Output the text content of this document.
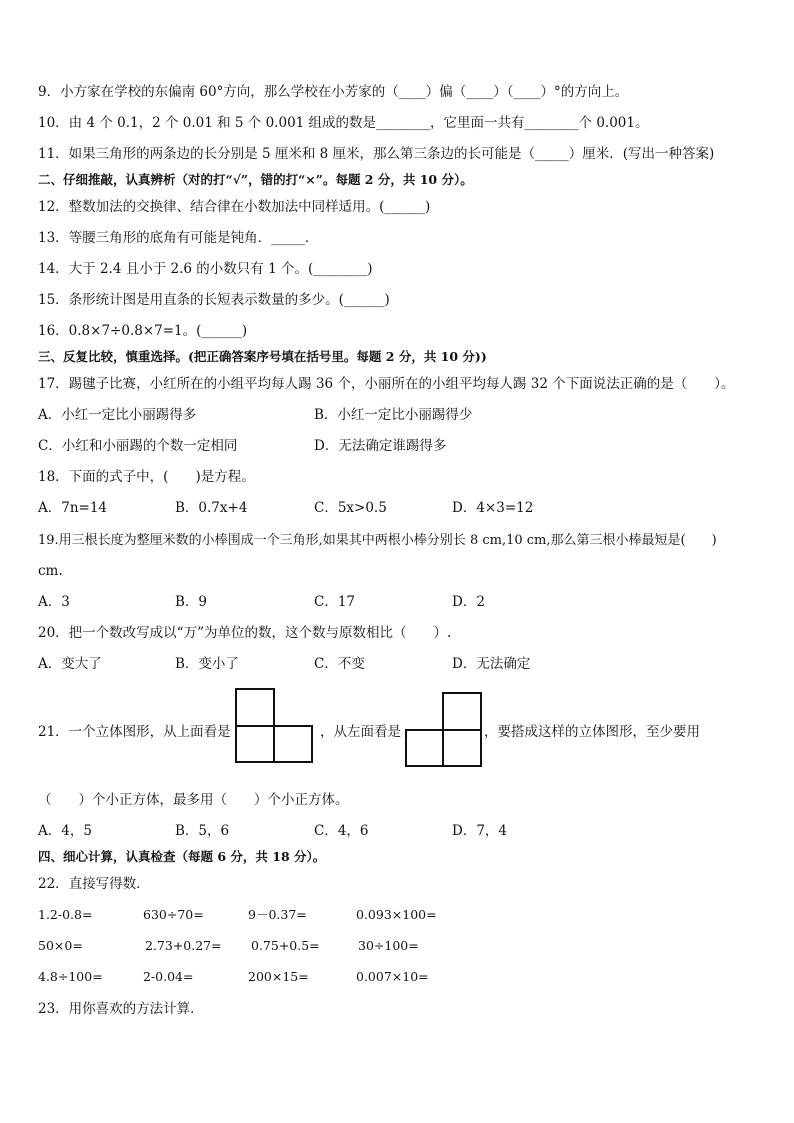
9．小方家在学校的东偏南 60°方向，那么学校在小芳家的（____）偏（____）（____）°的方向上。
10．由 4 个 0.1，2 个 0.01 和 5 个 0.001 组成的数是________，它里面一共有________个 0.001。
11．如果三角形的两条边的长分别是 5 厘米和 8 厘米，那么第三条边的长可能是（_____）厘米．(写出一种答案)
二、仔细推敲，认真辨析（对的打“√”，错的打“×”。每题 2 分，共 10 分）。
12．整数加法的交换律、结合律在小数加法中同样适用。(______)
13．等腰三角形的底角有可能是钝角．_____．
14．大于 2.4 且小于 2.6 的小数只有 1 个。(________)
15．条形统计图是用直条的长短表示数量的多少。(______)
16．0.8×7÷0.8×7=1。(______)
三、反复比较，慎重选择。(把正确答案序号填在括号里。每题 2 分，共 10 分))
17．踢毽子比赛，小红所在的小组平均每人踢 36 个，小丽所在的小组平均每人踢 32 个下面说法正确的是（　　）。
A．小红一定比小丽踢得多	B．小红一定比小丽踢得少
C．小红和小丽踢的个数一定相同	D．无法确定谁踢得多
18．下面的式子中，(　　)是方程。
A．7n=14	B．0.7x+4	C．5x>0.5	D．4×3=12
19.用三根长度为整厘米数的小棒围成一个三角形,如果其中两根小棒分别长 8 cm,10 cm,那么第三根小棒最短是(　　)
cm.
A．3	B．9	C．17	D．2
20．把一个数改写成以“万”为单位的数，这个数与原数相比（　　）.
A．变大了	B．变小了	C．不变	D．无法确定
21．一个立体图形，从上面看是	，从左面看是	，要搭成这样的立体图形，至少要用
（　　）个小正方体，最多用（　　）个小正方体。
A．4，5	B．5，6	C．4，6	D．7，4
四、细心计算，认真检查（每题 6 分，共 18 分）。
22．直接写得数．
1.2-0.8=	630÷70=	9－0.37=	0.093×100=
50×0=	2.73+0.27= 0.75+0.5=	30÷100=
4.8÷100=	2-0.04=	200×15=	0.007×10=
23．用你喜欢的方法计算．
